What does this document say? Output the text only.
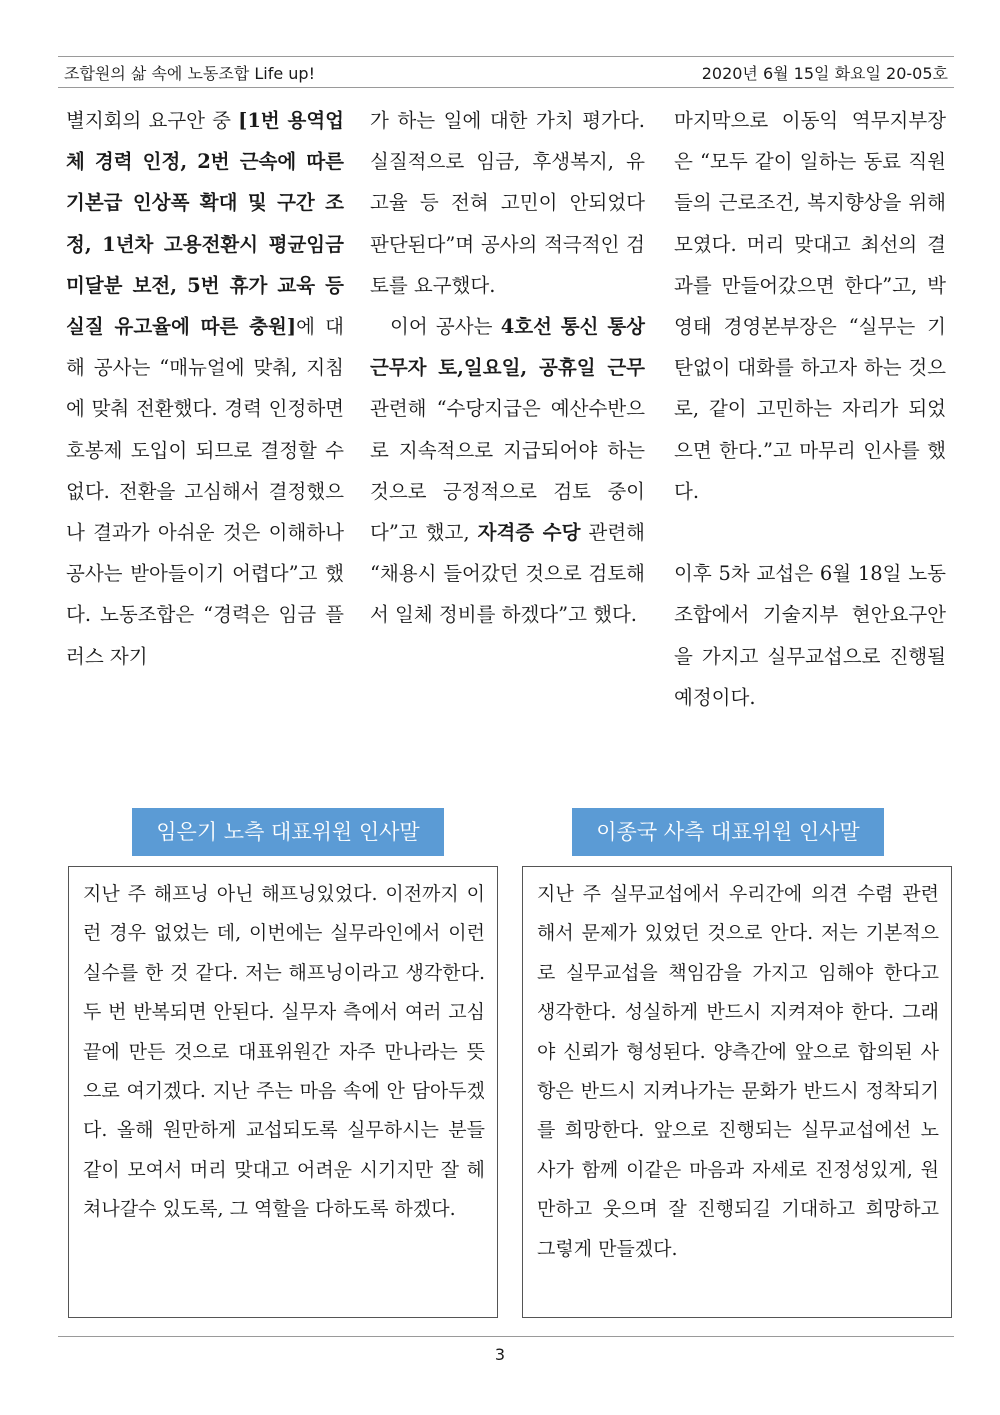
조합원의 삶 속에 노동조합 Life up!	2020년 6월 15일 화요일 20-05호

별지회의 요구안 중 [1번 용역업체 경력 인정, 2번 근속에 따른 기본급 인상폭 확대 및 구간 조정, 1년차 고용전환시 평균임금 미달분 보전, 5번 휴가 교육 등 실질 유고율에 따른 충원]에 대해 공사는 “매뉴얼에 맞춰, 지침에 맞춰 전환했다. 경력 인정하면 호봉제 도입이 되므로 결정할 수 없다. 전환을 고심해서 결정했으나 결과가 아쉬운 것은 이해하나 공사는 받아들이기 어렵다”고 했다. 노동조합은 “경력은 임금 플러스 자기

가 하는 일에 대한 가치 평가다. 실질적으로 임금, 후생복지, 유고율 등 전혀 고민이 안되었다 판단된다”며 공사의 적극적인 검토를 요구했다.

이어 공사는 4호선 통신 통상근무자 토,일요일, 공휴일 근무 관련해 “수당지급은 예산수반으로 지속적으로 지급되어야 하는 것으로 긍정적으로 검토 중이다”고 했고, 자격증 수당 관련해 “채용시 들어갔던 것으로 검토해서 일체 정비를 하겠다”고 했다.

마지막으로 이동익 역무지부장은 “모두 같이 일하는 동료 직원들의 근로조건, 복지향상을 위해 모였다. 머리 맞대고 최선의 결과를 만들어갔으면 한다”고, 박영태 경영본부장은 “실무는 기탄없이 대화를 하고자 하는 것으로, 같이 고민하는 자리가 되었으면 한다.”고 마무리 인사를 했다.

이후 5차 교섭은 6월 18일 노동조합에서 기술지부 현안요구안을 가지고 실무교섭으로 진행될 예정이다.

임은기 노측 대표위원 인사말	이종국 사측 대표위원 인사말

지난 주 해프닝 아닌 해프닝있었다. 이전까지 이런 경우 없었는 데, 이번에는 실무라인에서 이런 실수를 한 것 같다. 저는 해프닝이라고 생각한다. 두 번 반복되면 안된다. 실무자 측에서 여러 고심 끝에 만든 것으로 대표위원간 자주 만나라는 뜻으로 여기겠다. 지난 주는 마음 속에 안 담아두겠다. 올해 원만하게 교섭되도록 실무하시는 분들 같이 모여서 머리 맞대고 어려운 시기지만 잘 헤쳐나갈수 있도록, 그 역할을 다하도록 하겠다.

지난 주 실무교섭에서 우리간에 의견 수렴 관련해서 문제가 있었던 것으로 안다. 저는 기본적으로 실무교섭을 책임감을 가지고 임해야 한다고 생각한다. 성실하게 반드시 지켜져야 한다. 그래야 신뢰가 형성된다. 양측간에 앞으로 합의된 사항은 반드시 지켜나가는 문화가 반드시 정착되기를 희망한다. 앞으로 진행되는 실무교섭에선 노사가 함께 이같은 마음과 자세로 진정성있게, 원만하고 웃으며 잘 진행되길 기대하고 희망하고 그렇게 만들겠다.

3
